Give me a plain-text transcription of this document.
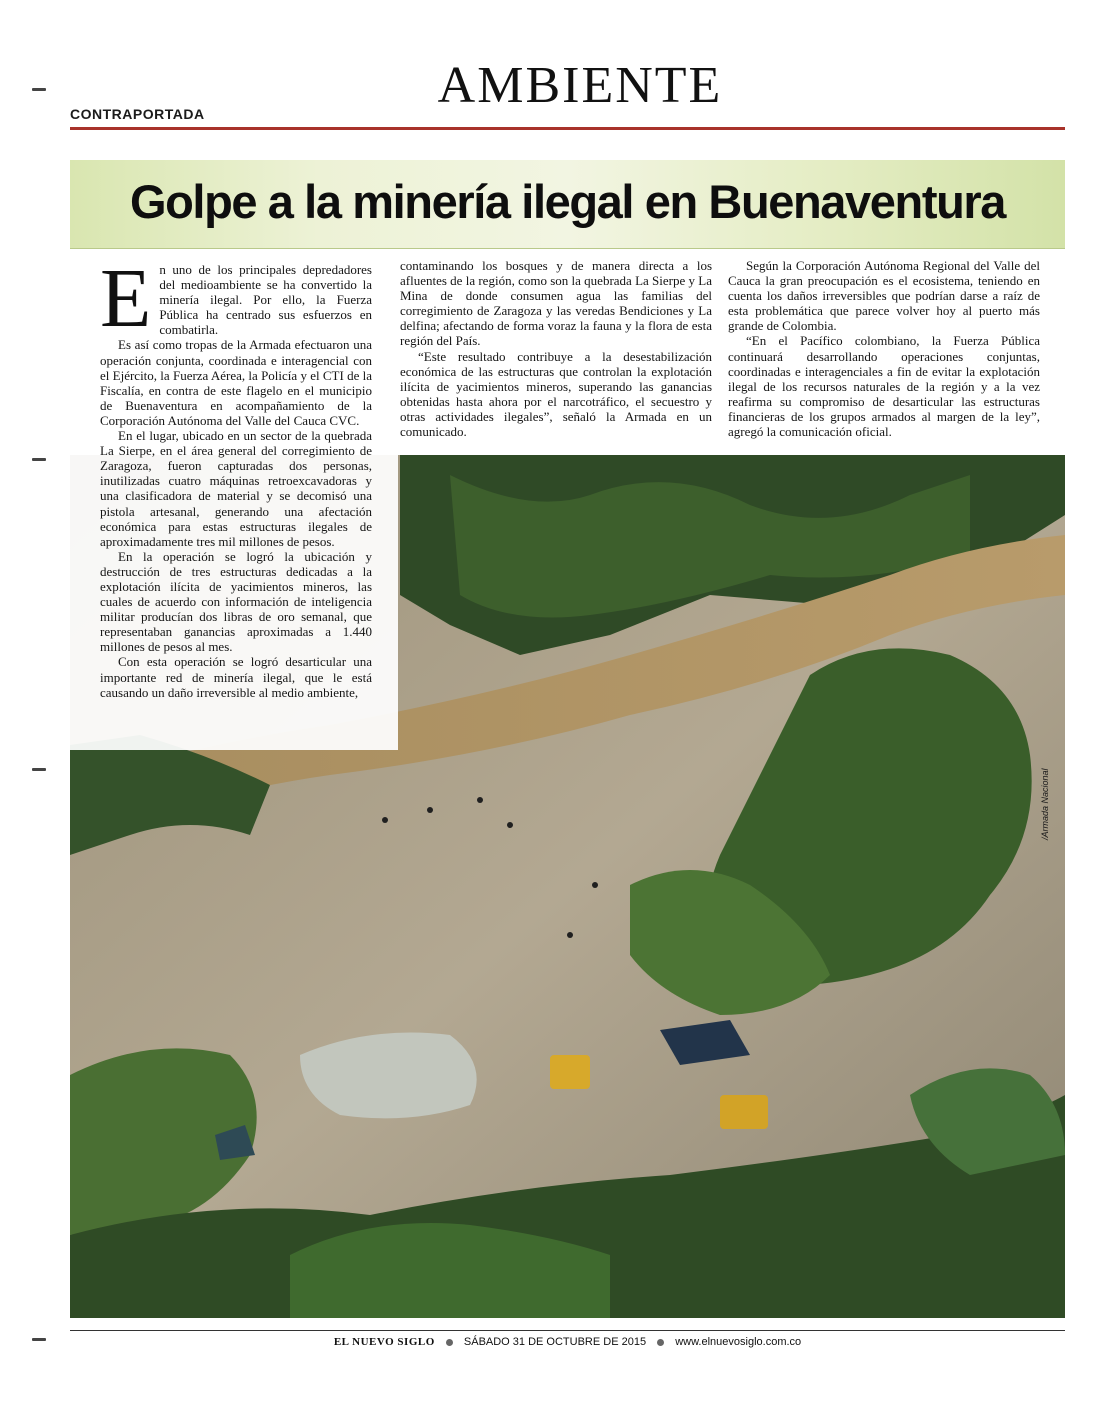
CONTRAPORTADA	AMBIENTE
Golpe a la minería ilegal en Buenaventura
/Armada Nacional

En uno de los principales depredadores del medioambiente se ha convertido la minería ilegal. Por ello, la Fuerza Pública ha centrado sus esfuerzos en combatirla.

Es así como tropas de la Armada efectuaron una operación conjunta, coordinada e interagencial con el Ejército, la Fuerza Aérea, la Policía y el CTI de la Fiscalía, en contra de este flagelo en el municipio de Buenaventura en acompañamiento de la Corporación Autónoma del Valle del Cauca CVC.

En el lugar, ubicado en un sector de la quebrada La Sierpe, en el área general del corregimiento de Zaragoza, fueron capturadas dos personas, inutilizadas cuatro máquinas retroexcavadoras y una clasificadora de material y se decomisó una pistola artesanal, generando una afectación económica para estas estructuras ilegales de aproximadamente tres mil millones de pesos.

En la operación se logró la ubicación y destrucción de tres estructuras dedicadas a la explotación ilícita de yacimientos mineros, las cuales de acuerdo con información de inteligencia militar producían dos libras de oro semanal, que representaban ganancias aproximadas a 1.440 millones de pesos al mes.

Con esta operación se logró desarticular una importante red de minería ilegal, que le está causando un daño irreversible al medio ambiente,

contaminando los bosques y de manera directa a los afluentes de la región, como son la quebrada La Sierpe y La Mina de donde consumen agua las familias del corregimiento de Zaragoza y las veredas Bendiciones y La delfina; afectando de forma voraz la fauna y la flora de esta región del País.

“Este resultado contribuye a la desestabilización económica de las estructuras que controlan la explotación ilícita de yacimientos mineros, superando las ganancias obtenidas hasta ahora por el narcotráfico, el secuestro y otras actividades ilegales”, señaló la Armada en un comunicado.

Según la Corporación Autónoma Regional del Valle del Cauca la gran preocupación es el ecosistema, teniendo en cuenta los daños irreversibles que podrían darse a raíz de esta problemática que parece volver hoy al puerto más grande de Colombia.

“En el Pacífico colombiano, la Fuerza Pública continuará desarrollando operaciones conjuntas, coordinadas e interagenciales a fin de evitar la explotación ilegal de los recursos naturales de la región y a la vez reafirma su compromiso de desarticular las estructuras financieras de los grupos armados al margen de la ley”, agregó la comunicación oficial.

EL NUEVO SIGLO	SÁBADO 31 DE OCTUBRE DE 2015	www.elnuevosiglo.com.co
